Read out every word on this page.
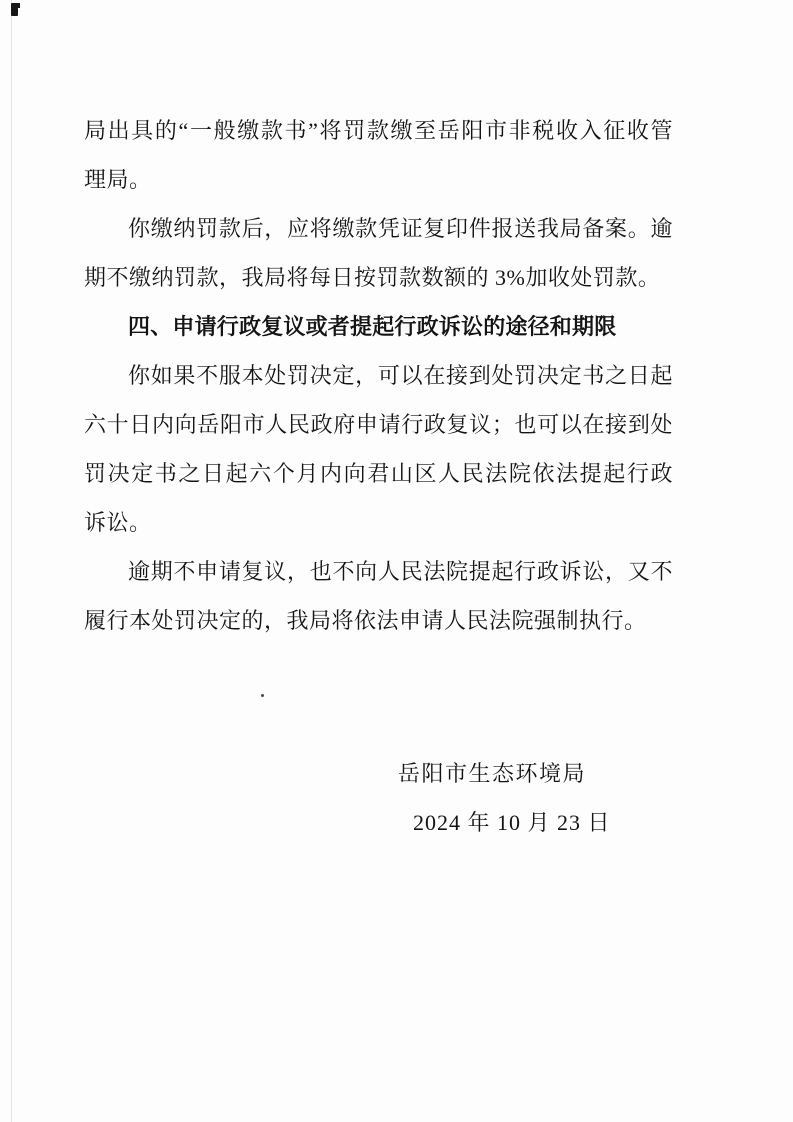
局出具的“一般缴款书”将罚款缴至岳阳市非税收入征收管
理局。
你缴纳罚款后，应将缴款凭证复印件报送我局备案。逾
期不缴纳罚款，我局将每日按罚款数额的 3%加收处罚款。
四、申请行政复议或者提起行政诉讼的途径和期限
你如果不服本处罚决定，可以在接到处罚决定书之日起
六十日内向岳阳市人民政府申请行政复议；也可以在接到处
罚决定书之日起六个月内向君山区人民法院依法提起行政
诉讼。
逾期不申请复议，也不向人民法院提起行政诉讼，又不
履行本处罚决定的，我局将依法申请人民法院强制执行。
岳阳市生态环境局
2024 年 10 月 23 日
